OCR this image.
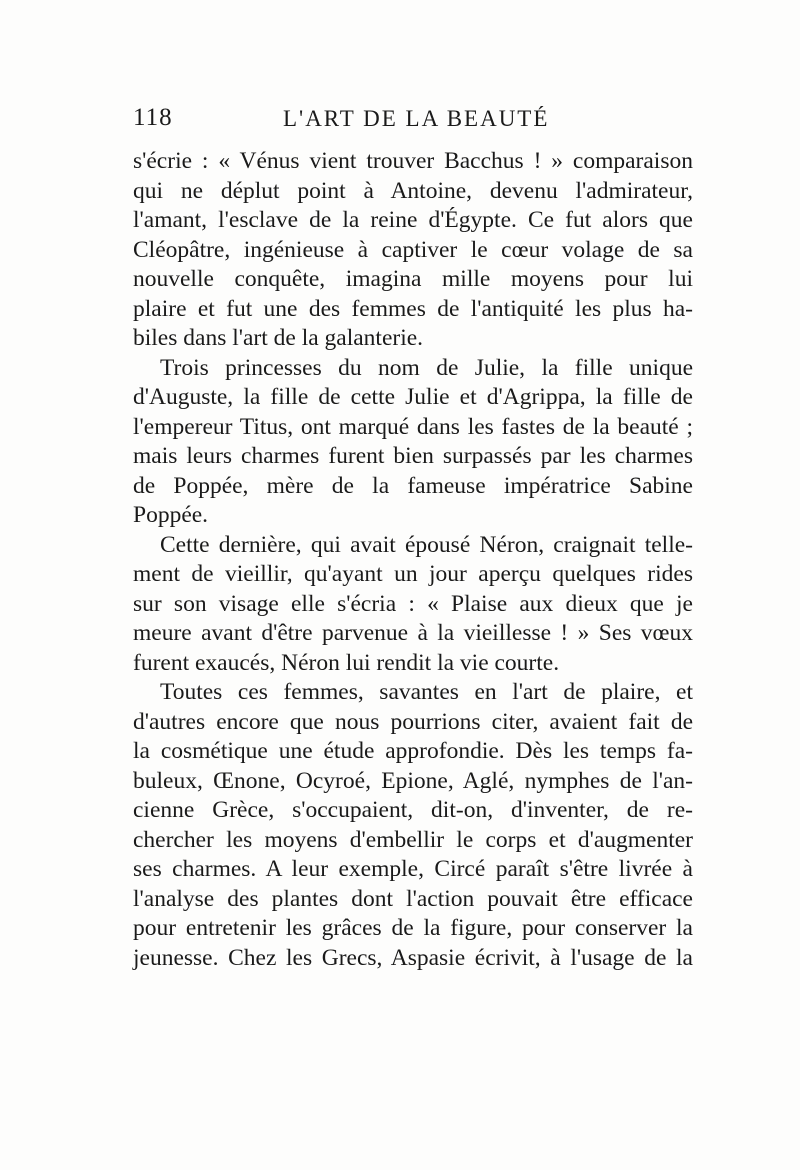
118	L'ART DE LA BEAUTÉ
s'écrie : « Vénus vient trouver Bacchus ! » comparaison
qui ne déplut point à Antoine, devenu l'admirateur,
l'amant, l'esclave de la reine d'Égypte. Ce fut alors que
Cléopâtre, ingénieuse à captiver le cœur volage de sa
nouvelle conquête, imagina mille moyens pour lui
plaire et fut une des femmes de l'antiquité les plus ha-
biles dans l'art de la galanterie.
Trois princesses du nom de Julie, la fille unique
d'Auguste, la fille de cette Julie et d'Agrippa, la fille de
l'empereur Titus, ont marqué dans les fastes de la beauté ;
mais leurs charmes furent bien surpassés par les charmes
de Poppée, mère de la fameuse impératrice Sabine
Poppée.
Cette dernière, qui avait épousé Néron, craignait telle-
ment de vieillir, qu'ayant un jour aperçu quelques rides
sur son visage elle s'écria : « Plaise aux dieux que je
meure avant d'être parvenue à la vieillesse ! » Ses vœux
furent exaucés, Néron lui rendit la vie courte.
Toutes ces femmes, savantes en l'art de plaire, et
d'autres encore que nous pourrions citer, avaient fait de
la cosmétique une étude approfondie. Dès les temps fa-
buleux, Œnone, Ocyroé, Epione, Aglé, nymphes de l'an-
cienne Grèce, s'occupaient, dit-on, d'inventer, de re-
chercher les moyens d'embellir le corps et d'augmenter
ses charmes. A leur exemple, Circé paraît s'être livrée à
l'analyse des plantes dont l'action pouvait être efficace
pour entretenir les grâces de la figure, pour conserver la
jeunesse. Chez les Grecs, Aspasie écrivit, à l'usage de la
